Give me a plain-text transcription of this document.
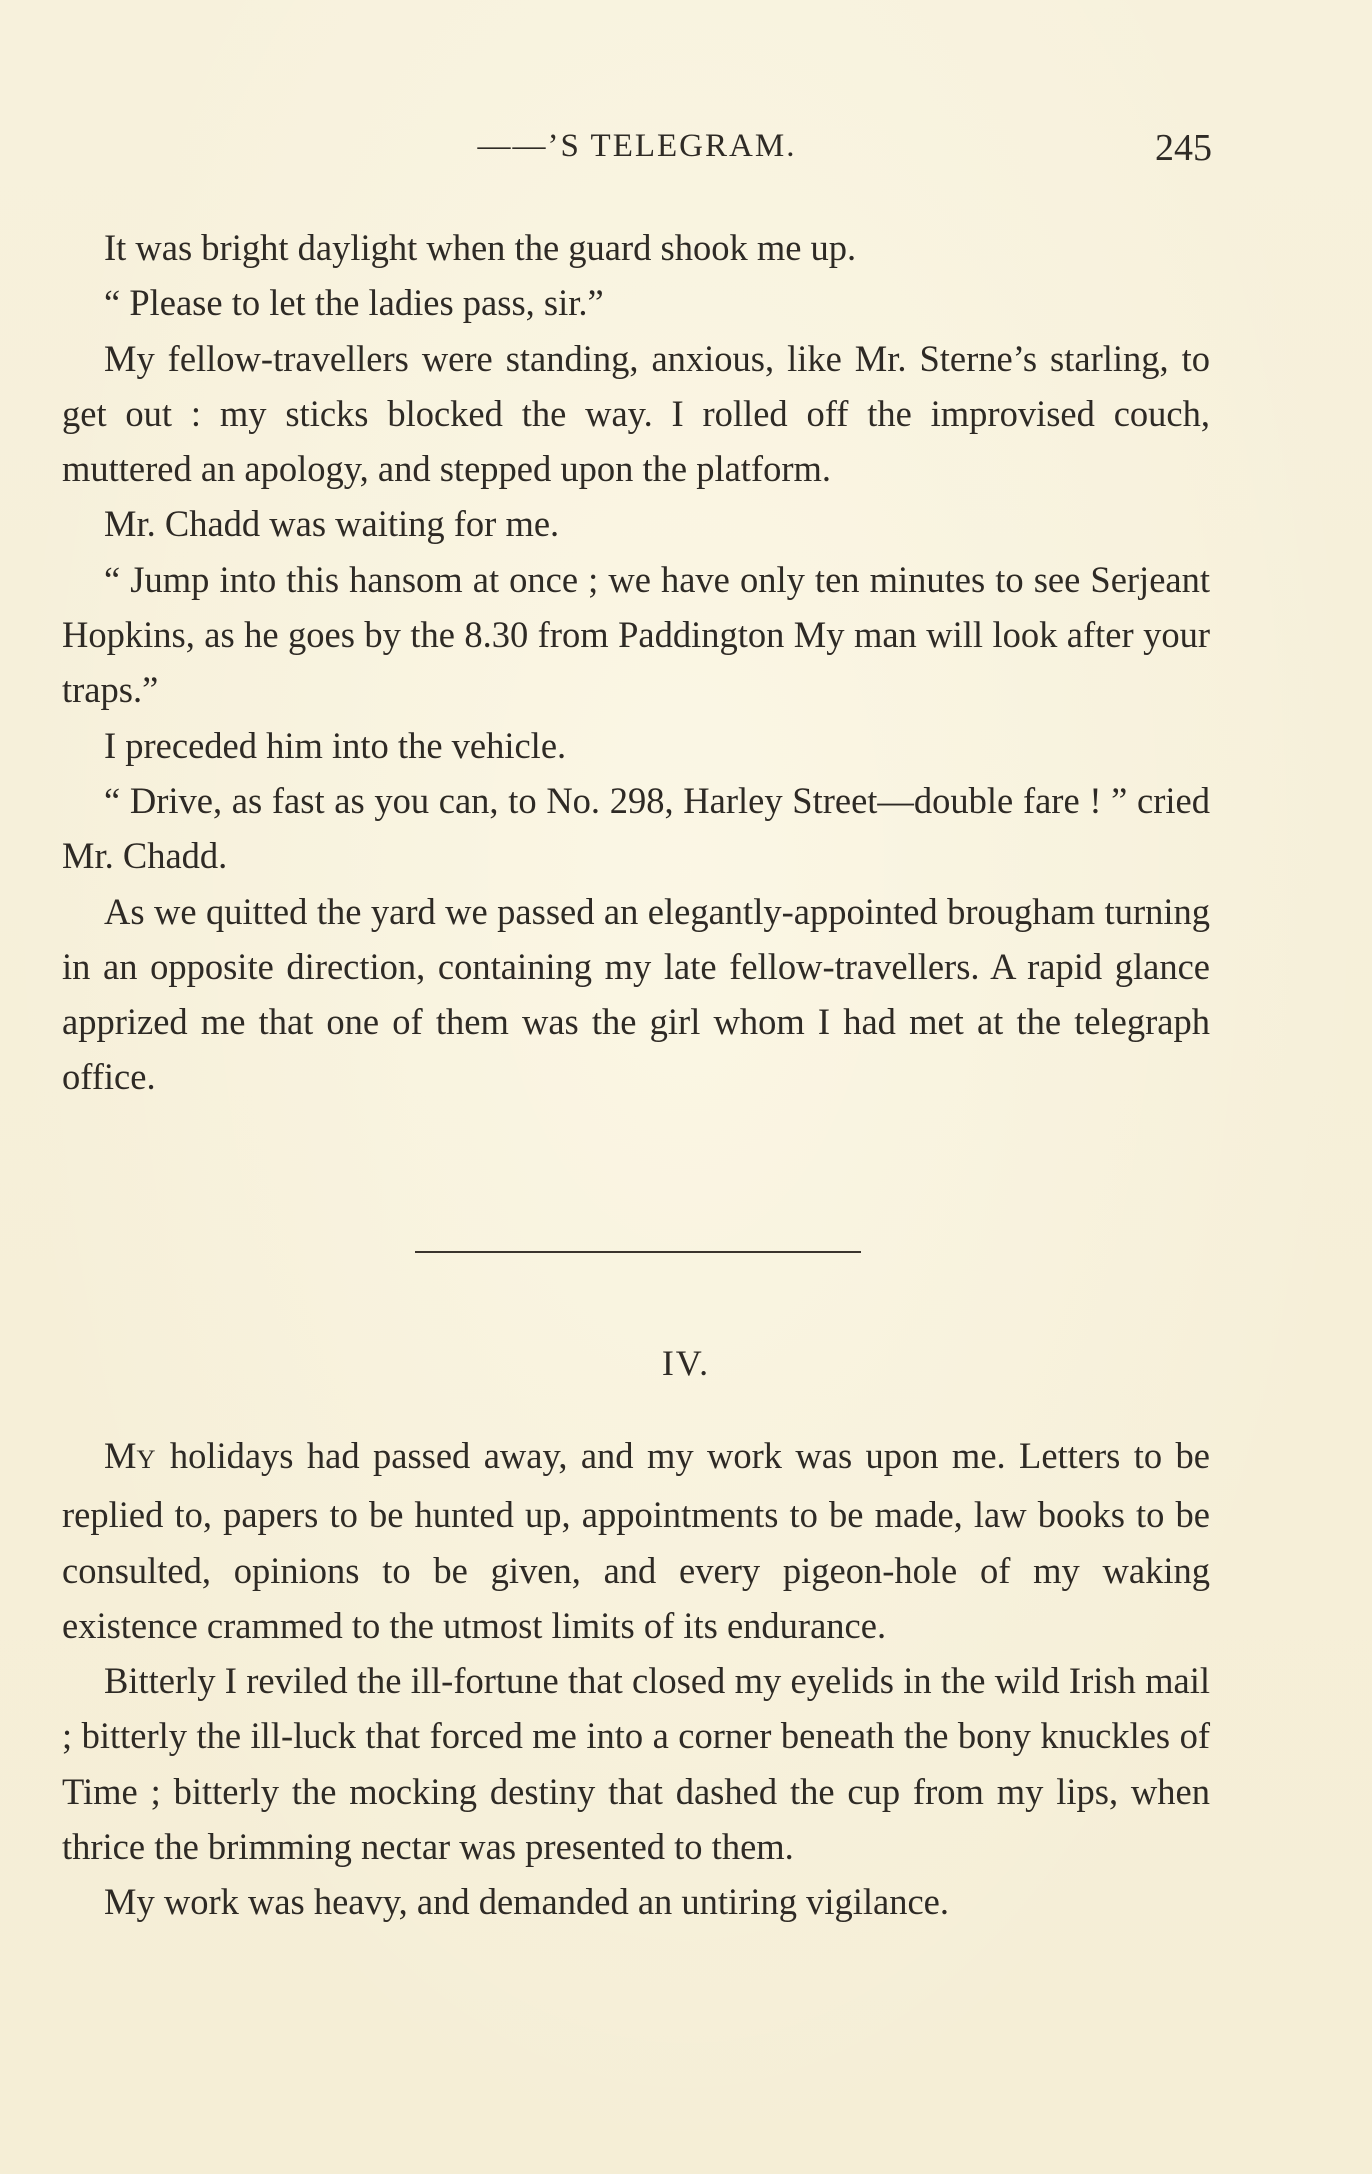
——’S TELEGRAM.	245

It was bright daylight when the guard shook me up.

“ Please to let the ladies pass, sir.”

My fellow-travellers were standing, anxious, like Mr. Sterne’s starling, to get out : my sticks blocked the way. I rolled off the improvised couch, muttered an apology, and stepped upon the platform.

Mr. Chadd was waiting for me.

“ Jump into this hansom at once ; we have only ten minutes to see Serjeant Hopkins, as he goes by the 8.30 from Paddington My man will look after your traps.”

I preceded him into the vehicle.

“ Drive, as fast as you can, to No. 298, Harley Street—double fare ! ” cried Mr. Chadd.

As we quitted the yard we passed an elegantly-appointed brougham turning in an opposite direction, containing my late fellow-travellers. A rapid glance apprized me that one of them was the girl whom I had met at the telegraph office.

IV.

MY holidays had passed away, and my work was upon me. Letters to be replied to, papers to be hunted up, appointments to be made, law books to be consulted, opinions to be given, and every pigeon-hole of my waking existence crammed to the utmost limits of its endurance.

Bitterly I reviled the ill-fortune that closed my eyelids in the wild Irish mail ; bitterly the ill-luck that forced me into a corner beneath the bony knuckles of Time ; bitterly the mocking destiny that dashed the cup from my lips, when thrice the brimming nectar was presented to them.

My work was heavy, and demanded an untiring vigilance.
